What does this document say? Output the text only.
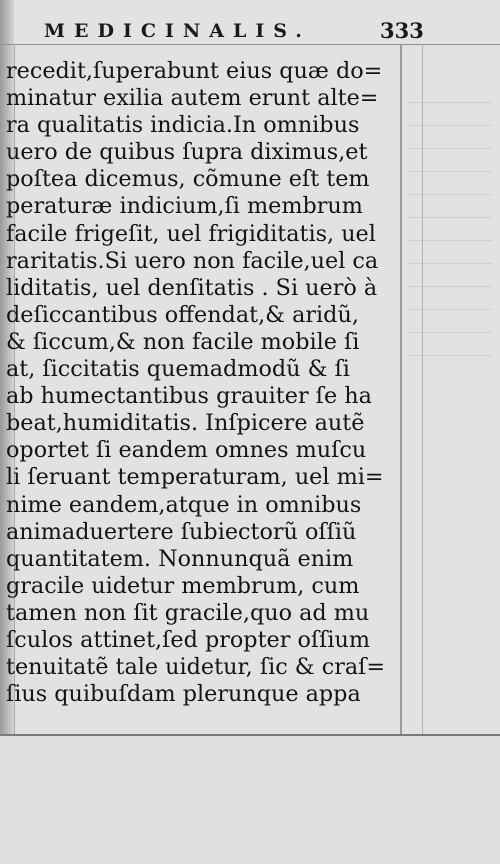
MEDICINALIS.	333
recedit,ſuperabunt eius quæ do=
minatur exilia autem erunt alte=
ra qualitatis indicia.In omnibus
uero de quibus ſupra diximus,et
poſtea dicemus, cõmune eſt tem
peraturæ indicium,ſi membrum
facile frigeſit, uel frigiditatis, uel
raritatis.Si uero non facile,uel ca
liditatis, uel denſitatis . Si uerò à
deſiccantibus offendat,& aridũ,
& ſiccum,& non facile mobile ſi
at, ſiccitatis quemadmodũ & ſi
ab humectantibus grauiter ſe ha
beat,humiditatis. Inſpicere autẽ
oportet ſi eandem omnes muſcu
li ſeruant temperaturam, uel mi=
nime eandem,atque in omnibus
animaduertere ſubiectorũ oſſiũ
quantitatem. Nonnunquã enim
gracile uidetur membrum, cum
tamen non ſit gracile,quo ad mu
ſculos attinet,ſed propter oſſium
tenuitatẽ tale uidetur, ſic & craſ=
ſius quibuſdam plerunque appa
